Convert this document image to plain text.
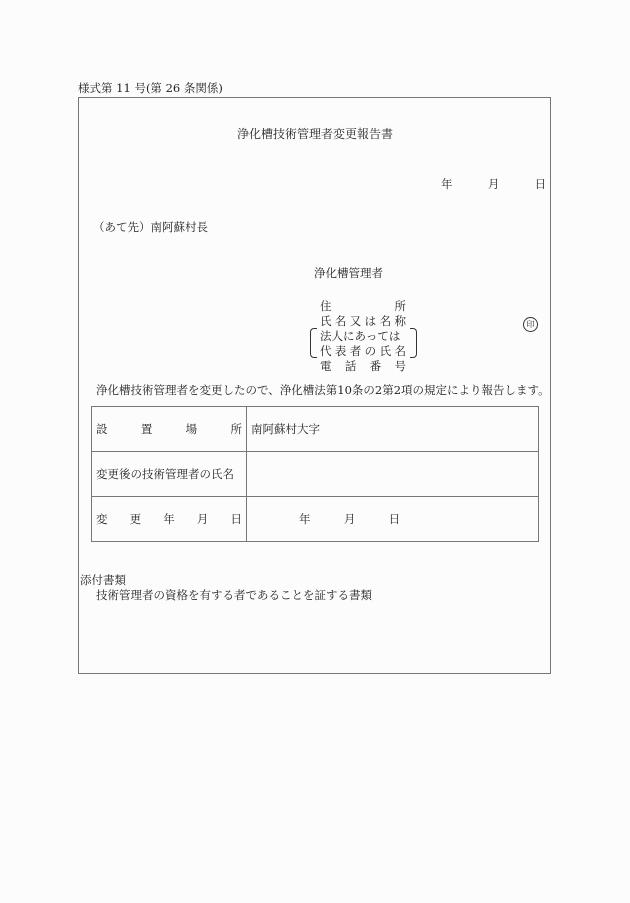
様式第 11 号(第 26 条関係)
浄化槽技術管理者変更報告書
年	月	日
（あて先）南阿蘇村長
浄化槽管理者
住	所
氏 名 又 は 名 称
法人にあっては
代 表 者 の 氏 名
電 話 番 号
印
浄化槽技術管理者を変更したので、浄化槽法第10条の2第2項の規定により報告します。
設 置 場 所	南阿蘇村大字
変更後の技術管理者の氏名	

変 更 年 月 日	年 月 日
添付書類
技術管理者の資格を有する者であることを証する書類
